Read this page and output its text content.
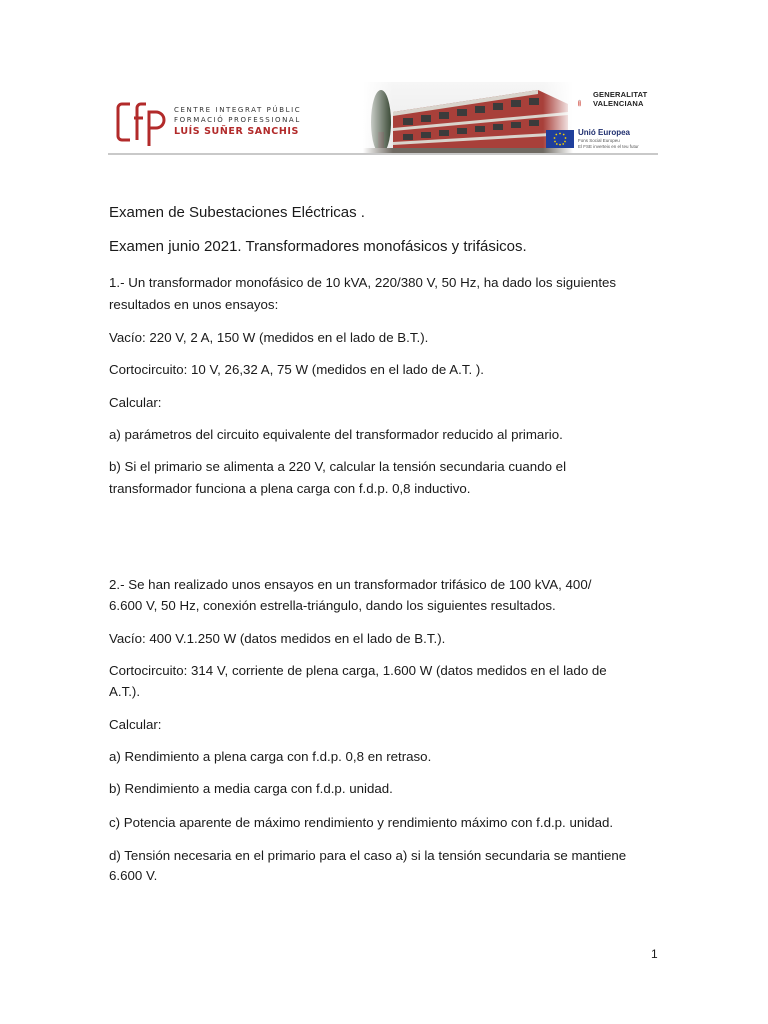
CENTRE INTEGRAT PÚBLIC
FORMACIÓ PROFESSIONAL
LUÍS SUÑER SANCHIS
GENERALITAT
VALENCIANA
Unió Europea
Fons Social Europeu
El FSE inverteix en el teu futur
Examen de Subestaciones Eléctricas .
Examen junio 2021. Transformadores monofásicos y trifásicos.
1.- Un transformador monofásico de 10 kVA, 220/380 V, 50 Hz, ha dado los siguientes
resultados en unos ensayos:
Vacío: 220 V, 2 A, 150 W (medidos en el lado de B.T.).
Cortocircuito: 10 V, 26,32 A, 75 W (medidos en el lado de A.T. ).
Calcular:
a) parámetros del circuito equivalente del transformador reducido al primario.
b) Si el primario se alimenta a 220 V, calcular la tensión secundaria cuando el
transformador funciona a plena carga con f.d.p. 0,8 inductivo.
2.- Se han realizado unos ensayos en un transformador trifásico de 100 kVA, 400/
6.600 V, 50 Hz, conexión estrella-triángulo, dando los siguientes resultados.
Vacío: 400 V.1.250 W (datos medidos en el lado de B.T.).
Cortocircuito: 314 V, corriente de plena carga, 1.600 W (datos medidos en el lado de
A.T.).
Calcular:
a) Rendimiento a plena carga con f.d.p. 0,8 en retraso.
b) Rendimiento a media carga con f.d.p. unidad.
c) Potencia aparente de máximo rendimiento y rendimiento máximo con f.d.p. unidad.
d) Tensión necesaria en el primario para el caso a) si la tensión secundaria se mantiene
6.600 V.
1
